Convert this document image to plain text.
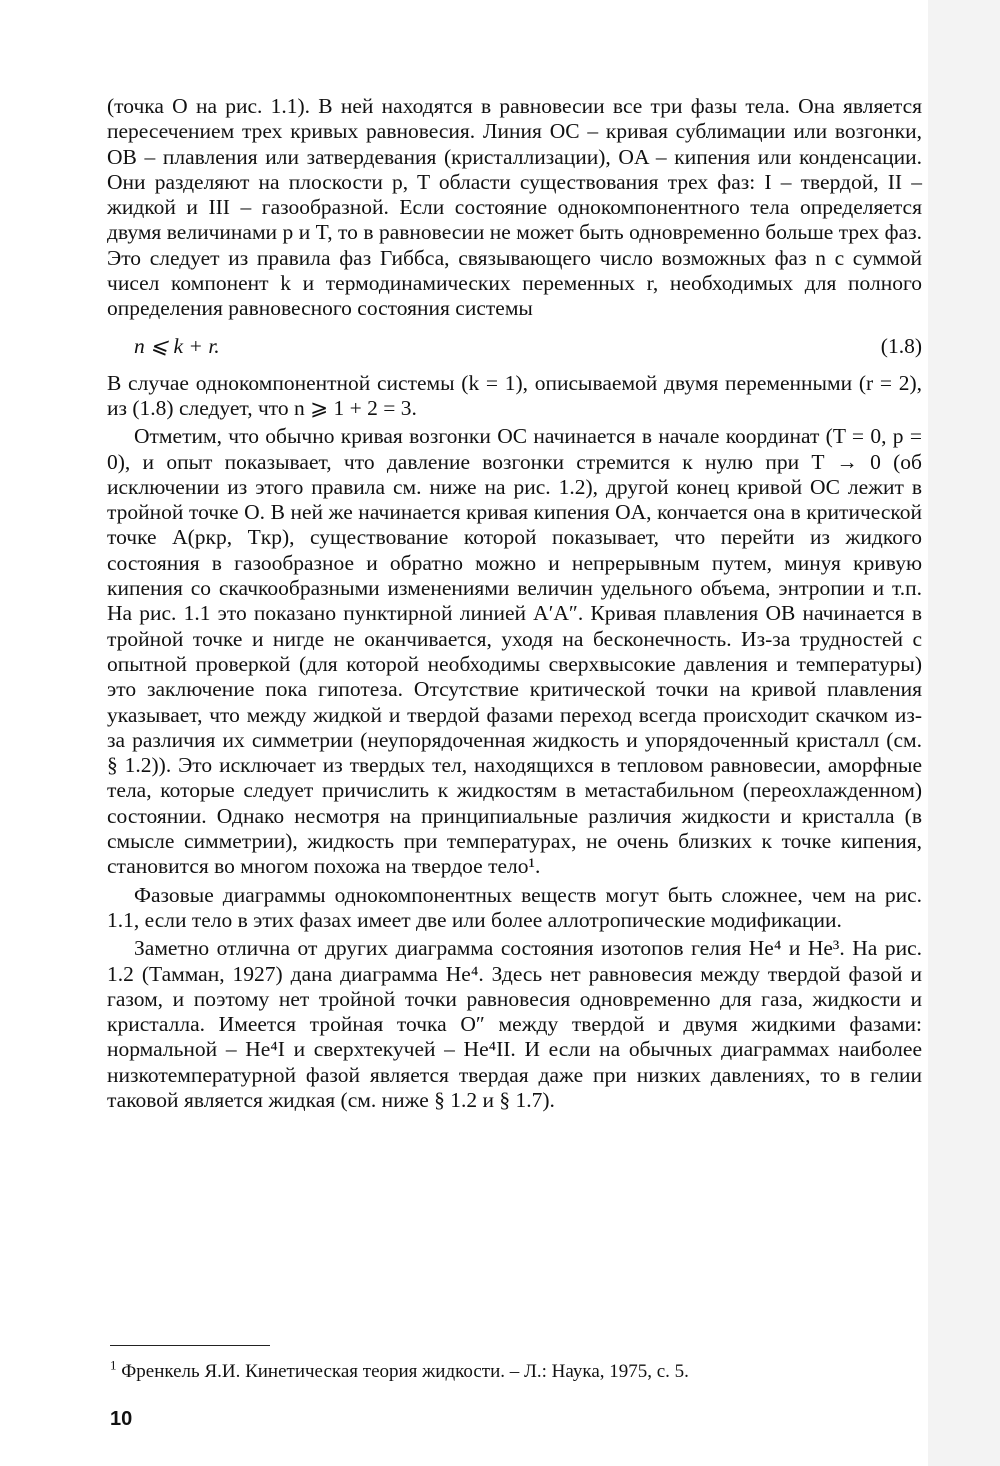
(точка O на рис. 1.1). В ней находятся в равновесии все три фазы тела. Она является пересечением трех кривых равновесия. Линия OC – кривая сублимации или возгонки, OB – плавления или затвердевания (кристаллизации), OA – кипения или конденсации. Они разделяют на плоскости p, T области существования трех фаз: I – твердой, II – жидкой и III – газообразной. Если состояние однокомпонентного тела определяется двумя величинами p и T, то в равновесии не может быть одновременно больше трех фаз. Это следует из правила фаз Гиббса, связывающего число возможных фаз n с суммой чисел компонент k и термодинамических переменных r, необходимых для полного определения равновесного состояния системы

n ⩽ k + r.	(1.8)

В случае однокомпонентной системы (k = 1), описываемой двумя переменными (r = 2), из (1.8) следует, что n ⩾ 1 + 2 = 3.

Отметим, что обычно кривая возгонки OC начинается в начале координат (T = 0, p = 0), и опыт показывает, что давление возгонки стремится к нулю при T → 0 (об исключении из этого правила см. ниже на рис. 1.2), другой конец кривой OC лежит в тройной точке O. В ней же начинается кривая кипения OA, кончается она в критической точке A(pкр, Tкр), существование которой показывает, что перейти из жидкого состояния в газообразное и обратно можно и непрерывным путем, минуя кривую кипения со скачкообразными изменениями величин удельного объема, энтропии и т.п. На рис. 1.1 это показано пунктирной линией A′A″. Кривая плавления OB начинается в тройной точке и нигде не оканчивается, уходя на бесконечность. Из-за трудностей с опытной проверкой (для которой необходимы сверхвысокие давления и температуры) это заключение пока гипотеза. Отсутствие критической точки на кривой плавления указывает, что между жидкой и твердой фазами переход всегда происходит скачком из-за различия их симметрии (неупорядоченная жидкость и упорядоченный кристалл (см. § 1.2)). Это исключает из твердых тел, находящихся в тепловом равновесии, аморфные тела, которые следует причислить к жидкостям в метастабильном (переохлажденном) состоянии. Однако несмотря на принципиальные различия жидкости и кристалла (в смысле симметрии), жидкость при температурах, не очень близких к точке кипения, становится во многом похожа на твердое тело¹.

Фазовые диаграммы однокомпонентных веществ могут быть сложнее, чем на рис. 1.1, если тело в этих фазах имеет две или более аллотропические модификации.

Заметно отлична от других диаграмма состояния изотопов гелия He⁴ и He³. На рис. 1.2 (Тамман, 1927) дана диаграмма He⁴. Здесь нет равновесия между твердой фазой и газом, и поэтому нет тройной точки равновесия одновременно для газа, жидкости и кристалла. Имеется тройная точка O″ между твердой и двумя жидкими фазами: нормальной – He⁴I и сверхтекучей – He⁴II. И если на обычных диаграммах наиболее низкотемпературной фазой является твердая даже при низких давлениях, то в гелии таковой является жидкая (см. ниже § 1.2 и § 1.7).

$^1$ Френкель Я.И. Кинетическая теория жидкости. – Л.: Наука, 1975, с. 5.
10
